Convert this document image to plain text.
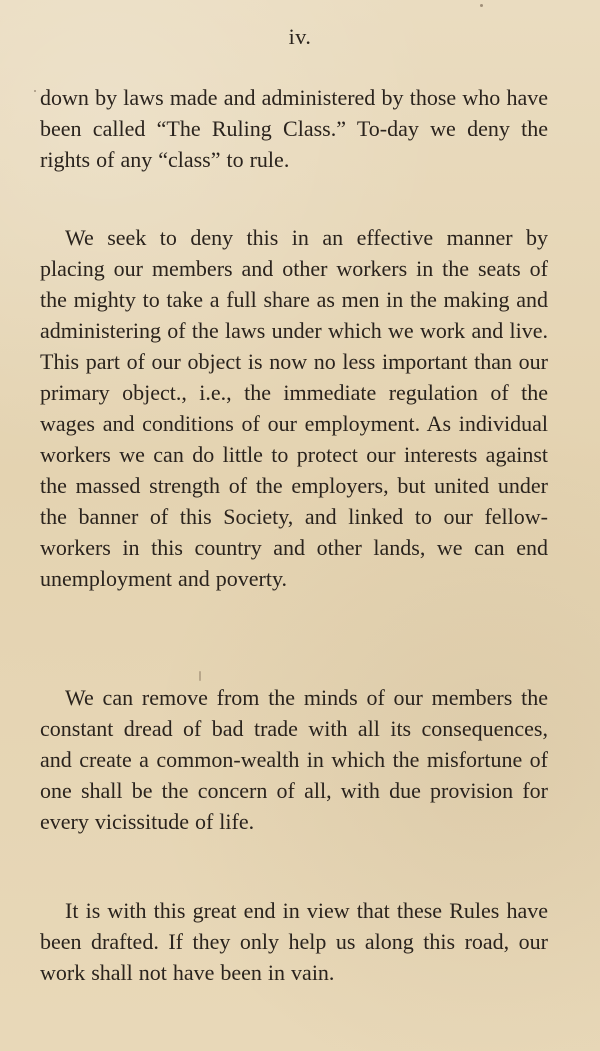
iv.
down by laws made and administered by those who have been called “The Ruling Class.” To-day we deny the rights of any “class” to rule.
We seek to deny this in an effective manner by placing our members and other workers in the seats of the mighty to take a full share as men in the making and administering of the laws under which we work and live. This part of our object is now no less important than our primary object., i.e., the immediate regulation of the wages and conditions of our employment. As individual workers we can do little to protect our interests against the massed strength of the employers, but united under the banner of this Society, and linked to our fellow-workers in this country and other lands, we can end unemployment and poverty.
We can remove from the minds of our members the constant dread of bad trade with all its consequences, and create a common-wealth in which the misfortune of one shall be the concern of all, with due provision for every vicissitude of life.
It is with this great end in view that these Rules have been drafted. If they only help us along this road, our work shall not have been in vain.
